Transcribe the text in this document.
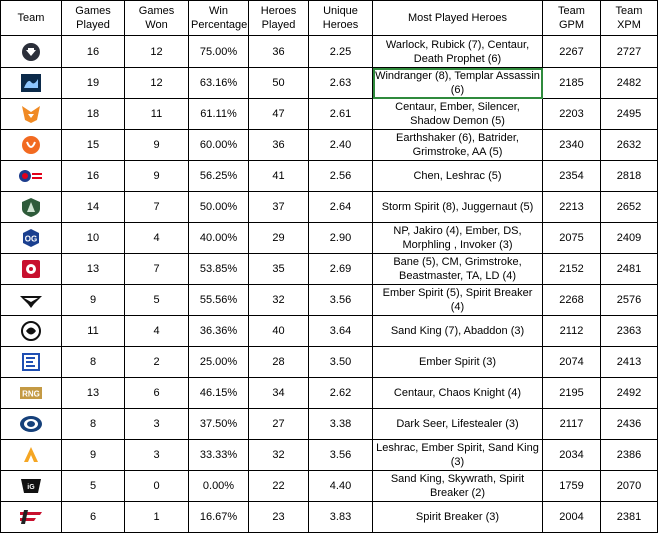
Team	Games Played	Games Won	Win Percentage	Heroes Played	Unique Heroes	Most Played Heroes	Team GPM	Team XPM

	16	12	75.00%	36	2.25	Warlock, Rubick (7), Centaur, Death Prophet (6)	2267	2727

	19	12	63.16%	50	2.63	Windranger (8), Templar Assassin (6)	2185	2482

	18	11	61.11%	47	2.61	Centaur, Ember, Silencer, Shadow Demon (5)	2203	2495

	15	9	60.00%	36	2.40	Earthshaker (6), Batrider, Grimstroke, AA (5)	2340	2632

	16	9	56.25%	41	2.56	Chen, Leshrac (5)	2354	2818

	14	7	50.00%	37	2.64	Storm Spirit (8), Juggernaut (5)	2213	2652

OG	10	4	40.00%	29	2.90	NP, Jakiro (4), Ember, DS, Morphling , Invoker (3)	2075	2409

	13	7	53.85%	35	2.69	Bane (5), CM, Grimstroke, Beastmaster, TA, LD (4)	2152	2481

	9	5	55.56%	32	3.56	Ember Spirit (5), Spirit Breaker (4)	2268	2576

	11	4	36.36%	40	3.64	Sand King (7), Abaddon (3)	2112	2363

	8	2	25.00%	28	3.50	Ember Spirit (3)	2074	2413

RNG	13	6	46.15%	34	2.62	Centaur, Chaos Knight (4)	2195	2492

	8	3	37.50%	27	3.38	Dark Seer, Lifestealer (3)	2117	2436

	9	3	33.33%	32	3.56	Leshrac, Ember Spirit, Sand King (3)	2034	2386

iG	5	0	0.00%	22	4.40	Sand King, Skywrath, Spirit Breaker (2)	1759	2070

	6	1	16.67%	23	3.83	Spirit Breaker (3)	2004	2381
